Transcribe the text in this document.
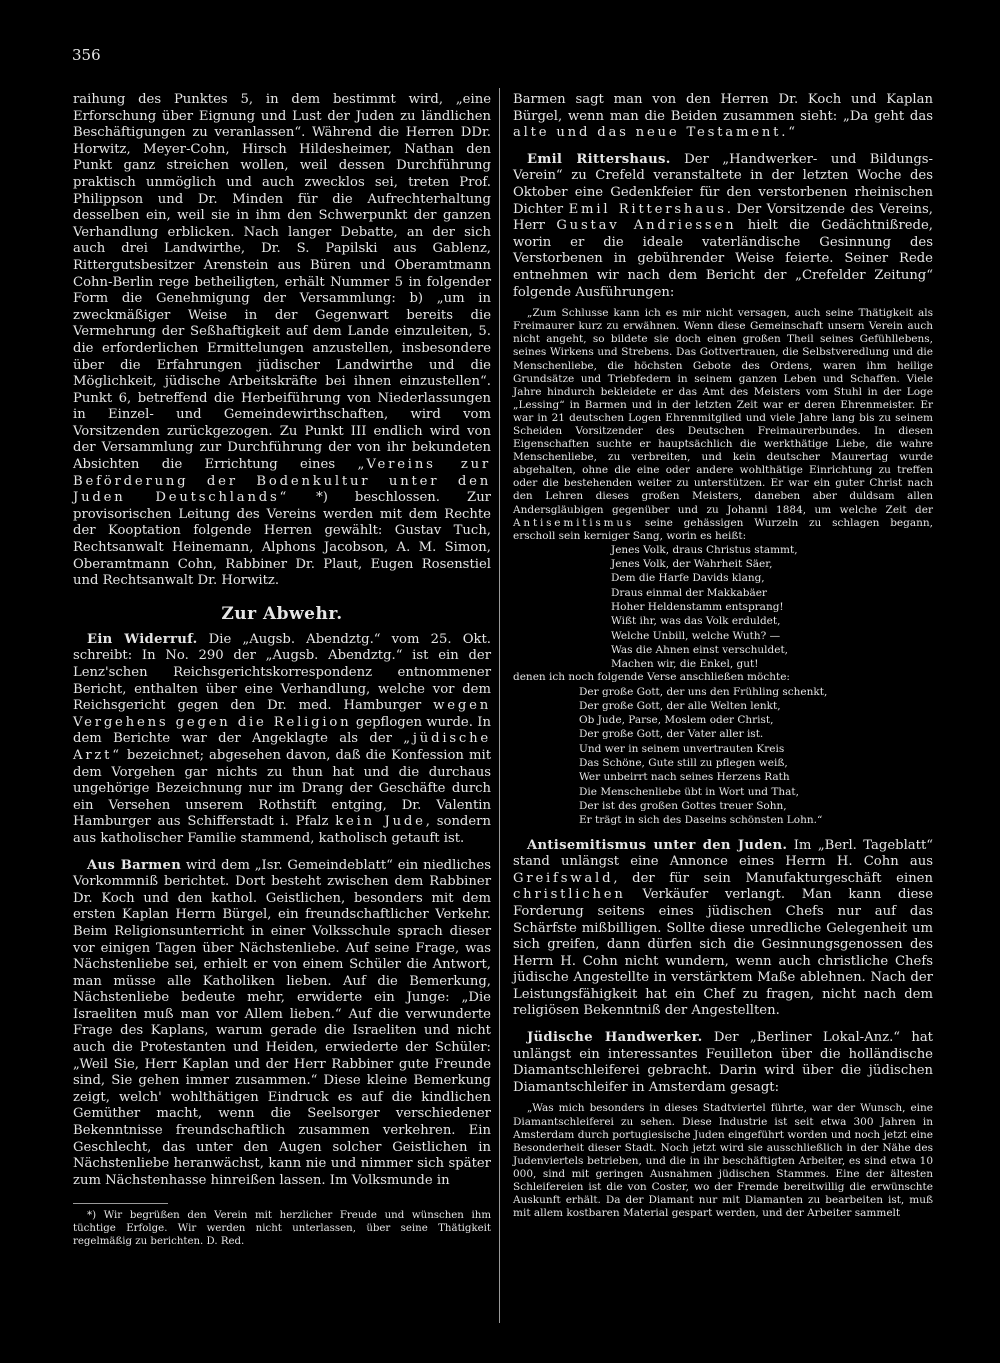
356

raihung des Punktes 5, in dem bestimmt wird, „eine Erforschung über Eignung und Lust der Juden zu ländlichen Beschäftigungen zu veranlassen“. Während die Herren DDr. Horwitz, Meyer-Cohn, Hirsch Hildesheimer, Nathan den Punkt ganz streichen wollen, weil dessen Durchführung praktisch unmöglich und auch zwecklos sei, treten Prof. Philippson und Dr. Minden für die Aufrechterhaltung desselben ein, weil sie in ihm den Schwerpunkt der ganzen Verhandlung erblicken. Nach langer Debatte, an der sich auch drei Landwirthe, Dr. S. Papilski aus Gablenz, Rittergutsbesitzer Arenstein aus Büren und Oberamtmann Cohn-Berlin rege betheiligten, erhält Nummer 5 in folgender Form die Genehmigung der Versammlung: b) „um in zweckmäßiger Weise in der Gegenwart bereits die Vermehrung der Seßhaftigkeit auf dem Lande einzuleiten, 5. die erforderlichen Ermittelungen anzustellen, insbesondere über die Erfahrungen jüdischer Landwirthe und die Möglichkeit, jüdische Arbeitskräfte bei ihnen einzustellen“. Punkt 6, betreffend die Herbeiführung von Niederlassungen in Einzel- und Gemeindewirthschaften, wird vom Vorsitzenden zurückgezogen. Zu Punkt III endlich wird von der Versammlung zur Durchführung der von ihr bekundeten Absichten die Errichtung eines „Vereins zur Beförderung der Bodenkultur unter den Juden Deutschlands“ *) beschlossen. Zur provisorischen Leitung des Vereins werden mit dem Rechte der Kooptation folgende Herren gewählt: Gustav Tuch, Rechtsanwalt Heinemann, Alphons Jacobson, A. M. Simon, Oberamtmann Cohn, Rabbiner Dr. Plaut, Eugen Rosenstiel und Rechtsanwalt Dr. Horwitz.

Zur Abwehr.

Ein Widerruf. Die „Augsb. Abendztg.“ vom 25. Okt. schreibt: In No. 290 der „Augsb. Abendztg.“ ist ein der Lenz'schen Reichsgerichtskorrespondenz entnommener Bericht, enthalten über eine Verhandlung, welche vor dem Reichsgericht gegen den Dr. med. Hamburger wegen Vergehens gegen die Religion gepflogen wurde. In dem Berichte war der Angeklagte als der „jüdische Arzt“ bezeichnet; abgesehen davon, daß die Konfession mit dem Vorgehen gar nichts zu thun hat und die durchaus ungehörige Bezeichnung nur im Drang der Geschäfte durch ein Versehen unserem Rothstift entging, Dr. Valentin Hamburger aus Schifferstadt i. Pfalz kein Jude, sondern aus katholischer Familie stammend, katholisch getauft ist.

Aus Barmen wird dem „Isr. Gemeindeblatt“ ein niedliches Vorkommniß berichtet. Dort besteht zwischen dem Rabbiner Dr. Koch und den kathol. Geistlichen, besonders mit dem ersten Kaplan Herrn Bürgel, ein freundschaftlicher Verkehr. Beim Religionsunterricht in einer Volksschule sprach dieser vor einigen Tagen über Nächstenliebe. Auf seine Frage, was Nächstenliebe sei, erhielt er von einem Schüler die Antwort, man müsse alle Katholiken lieben. Auf die Bemerkung, Nächstenliebe bedeute mehr, erwiderte ein Junge: „Die Israeliten muß man vor Allem lieben.“ Auf die verwunderte Frage des Kaplans, warum gerade die Israeliten und nicht auch die Protestanten und Heiden, erwiederte der Schüler: „Weil Sie, Herr Kaplan und der Herr Rabbiner gute Freunde sind, Sie gehen immer zusammen.“ Diese kleine Bemerkung zeigt, welch' wohlthätigen Eindruck es auf die kindlichen Gemüther macht, wenn die Seelsorger verschiedener Bekenntnisse freundschaftlich zusammen verkehren. Ein Geschlecht, das unter den Augen solcher Geistlichen in Nächstenliebe heranwächst, kann nie und nimmer sich später zum Nächstenhasse hinreißen lassen. Im Volksmunde in

*) Wir begrüßen den Verein mit herzlicher Freude und wünschen ihm tüchtige Erfolge. Wir werden nicht unterlassen, über seine Thätigkeit regelmäßig zu berichten. D. Red.

Barmen sagt man von den Herren Dr. Koch und Kaplan Bürgel, wenn man die Beiden zusammen sieht: „Da geht das alte und das neue Testament.“

Emil Rittershaus. Der „Handwerker- und Bildungs-Verein“ zu Crefeld veranstaltete in der letzten Woche des Oktober eine Gedenkfeier für den verstorbenen rheinischen Dichter Emil Rittershaus. Der Vorsitzende des Vereins, Herr Gustav Andriessen hielt die Gedächtnißrede, worin er die ideale vaterländische Gesinnung des Verstorbenen in gebührender Weise feierte. Seiner Rede entnehmen wir nach dem Bericht der „Crefelder Zeitung“ folgende Ausführungen:

„Zum Schlusse kann ich es mir nicht versagen, auch seine Thätigkeit als Freimaurer kurz zu erwähnen. Wenn diese Gemeinschaft unsern Verein auch nicht angeht, so bildete sie doch einen großen Theil seines Gefühllebens, seines Wirkens und Strebens. Das Gottvertrauen, die Selbstveredlung und die Menschenliebe, die höchsten Gebote des Ordens, waren ihm heilige Grundsätze und Triebfedern in seinem ganzen Leben und Schaffen. Viele Jahre hindurch bekleidete er das Amt des Meisters vom Stuhl in der Loge „Lessing“ in Barmen und in der letzten Zeit war er deren Ehrenmeister. Er war in 21 deutschen Logen Ehrenmitglied und viele Jahre lang bis zu seinem Scheiden Vorsitzender des Deutschen Freimaurerbundes. In diesen Eigenschaften suchte er hauptsächlich die werkthätige Liebe, die wahre Menschenliebe, zu verbreiten, und kein deutscher Maurertag wurde abgehalten, ohne die eine oder andere wohlthätige Einrichtung zu treffen oder die bestehenden weiter zu unterstützen. Er war ein guter Christ nach den Lehren dieses großen Meisters, daneben aber duldsam allen Andersgläubigen gegenüber und zu Johanni 1884, um welche Zeit der Antisemitismus seine gehässigen Wurzeln zu schlagen begann, erscholl sein kerniger Sang, worin es heißt:

Jenes Volk, draus Christus stammt,
Jenes Volk, der Wahrheit Säer,
Dem die Harfe Davids klang,
Draus einmal der Makkabäer
Hoher Heldenstamm entsprang!
Wißt ihr, was das Volk erduldet,
Welche Unbill, welche Wuth? —
Was die Ahnen einst verschuldet,
Machen wir, die Enkel, gut!

denen ich noch folgende Verse anschließen möchte:

Der große Gott, der uns den Frühling schenkt,
Der große Gott, der alle Welten lenkt,
Ob Jude, Parse, Moslem oder Christ,
Der große Gott, der Vater aller ist.
Und wer in seinem unvertrauten Kreis
Das Schöne, Gute still zu pflegen weiß,
Wer unbeirrt nach seines Herzens Rath
Die Menschenliebe übt in Wort und That,
Der ist des großen Gottes treuer Sohn,
Er trägt in sich des Daseins schönsten Lohn.“

Antisemitismus unter den Juden. Im „Berl. Tageblatt“ stand unlängst eine Annonce eines Herrn H. Cohn aus Greifswald, der für sein Manufakturgeschäft einen christlichen Verkäufer verlangt. Man kann diese Forderung seitens eines jüdischen Chefs nur auf das Schärfste mißbilligen. Sollte diese unredliche Gelegenheit um sich greifen, dann dürfen sich die Gesinnungsgenossen des Herrn H. Cohn nicht wundern, wenn auch christliche Chefs jüdische Angestellte in verstärktem Maße ablehnen. Nach der Leistungsfähigkeit hat ein Chef zu fragen, nicht nach dem religiösen Bekenntniß der Angestellten.

Jüdische Handwerker. Der „Berliner Lokal-Anz.“ hat unlängst ein interessantes Feuilleton über die holländische Diamantschleiferei gebracht. Darin wird über die jüdischen Diamantschleifer in Amsterdam gesagt:

„Was mich besonders in dieses Stadtviertel führte, war der Wunsch, eine Diamantschleiferei zu sehen. Diese Industrie ist seit etwa 300 Jahren in Amsterdam durch portugiesische Juden eingeführt worden und noch jetzt eine Besonderheit dieser Stadt. Noch jetzt wird sie ausschließlich in der Nähe des Judenviertels betrieben, und die in ihr beschäftigten Arbeiter, es sind etwa 10 000, sind mit geringen Ausnahmen jüdischen Stammes. Eine der ältesten Schleifereien ist die von Coster, wo der Fremde bereitwillig die erwünschte Auskunft erhält. Da der Diamant nur mit Diamanten zu bearbeiten ist, muß mit allem kostbaren Material gespart werden, und der Arbeiter sammelt
